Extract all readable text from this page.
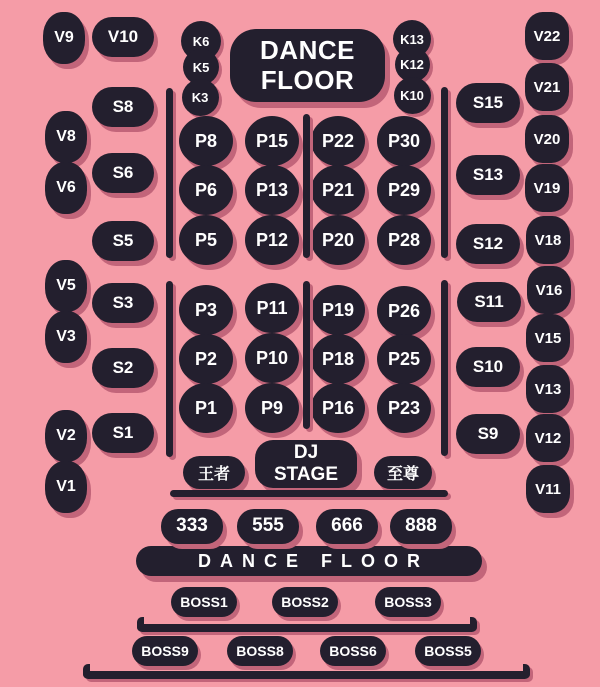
DANCE
FLOOR
DJ
STAGE
DANCE FLOOR
V9
V8
V6
V5
V3
V2
V1
V10
S8
S6
S5
S3
S2
S1
K6
K5
K3
K13
K12
K10
P8	P15	P22	P30
P6	P13	P21	P29
P5	P12	P20	P28
P3	P11	P19	P26
P2	P10	P18	P25
P1	P9	P16	P23
S15
S13
S12
S11
S10
S9
V22
V21
V20
V19
V18
V16
V15
V13
V12
V11
王者	至尊
333	555	666	888
BOSS1	BOSS2	BOSS3
BOSS9	BOSS8	BOSS6	BOSS5
